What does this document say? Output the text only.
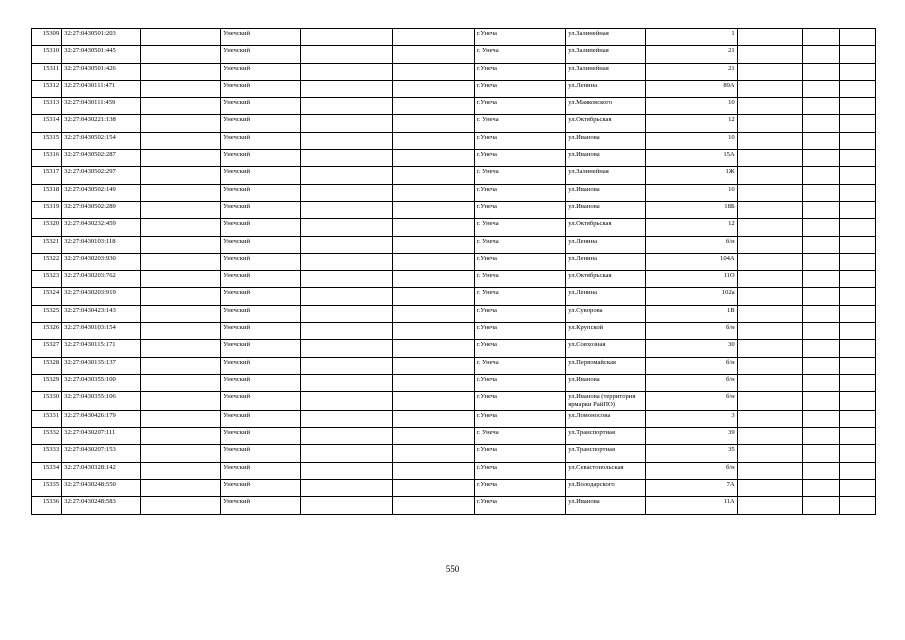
15309	32:27:0430501:203		Унечский			г.Унеча	ул.Залинейная	1			
15310	32:27:0430501:445		Унечский			г. Унеча	ул.Залинейная	21			
15311	32:27:0430501:426		Унечский			г.Унеча	ул.Залинейная	21			
15312	32:27:0430111:471		Унечский			г.Унеча	ул.Ленина	89А			
15313	32:27:0430111:459		Унечский			г.Унеча	ул.Маяковского	10			
15314	32:27:0430221:138		Унечский			г. Унеча	ул.Октябрьская	12			
15315	32:27:0430502:154		Унечский			г.Унеча	ул.Иванова	10			
15316	32:27:0430502:287		Унечский			г.Унеча	ул.Иванова	15А			
15317	32:27:0430502:297		Унечский			г. Унеча	ул.Залинейная	1Ж			
15318	32:27:0430502:149		Унечский			г.Унеча	ул.Иванова	10			
15319	32:27:0430502:289		Унечский			г.Унеча	ул.Иванова	18Б			
15320	32:27:0430232:459		Унечский			г. Унеча	ул.Октябрьская	12			
15321	32:27:0430103:118		Унечский			г. Унеча	ул.Ленина	б/н			
15322	32:27:0430203:930		Унечский			г.Унеча	ул.Ленина	104А			
15323	32:27:0430203:762		Унечский			г. Унеча	ул.Октябрьская	11О			
15324	32:27:0430203:919		Унечский			г. Унеча	ул.Ленина	102а			
15325	32:27:0430423:143		Унечский			г.Унеча	ул.Суворова	1В			
15326	32:27:0430103:154		Унечский			г.Унеча	ул.Крупской	б/н			
15327	32:27:0430115:171		Унечский			г.Унеча	ул.Совхозная	30			
15328	32:27:0430135:137		Унечский			г. Унеча	ул.Первомайская	б/н			
15329	32:27:0430355:100		Унечский			г.Унеча	ул.Иванова	б/н			
15330	32:27:0430355:106		Унечский			г.Унеча	ул.Иванова (территория ярмарки РайПО)	б/н			
15331	32:27:0430426:179		Унечский			г.Унеча	ул.Ломоносова	3			
15332	32:27:0430207:111		Унечский			г. Унеча	ул.Транспортная	39			
15333	32:27:0430207:153		Унечский			г.Унеча	ул.Транспортная	35			
15334	32:27:0430328:142		Унечский			г.Унеча	ул.Севастопольская	б/н			
15335	32:27:0430248:550		Унечский			г.Унеча	ул.Володарского	7А			
15336	32:27:0430248:583		Унечский			г.Унеча	ул.Иванова	11А			
550
